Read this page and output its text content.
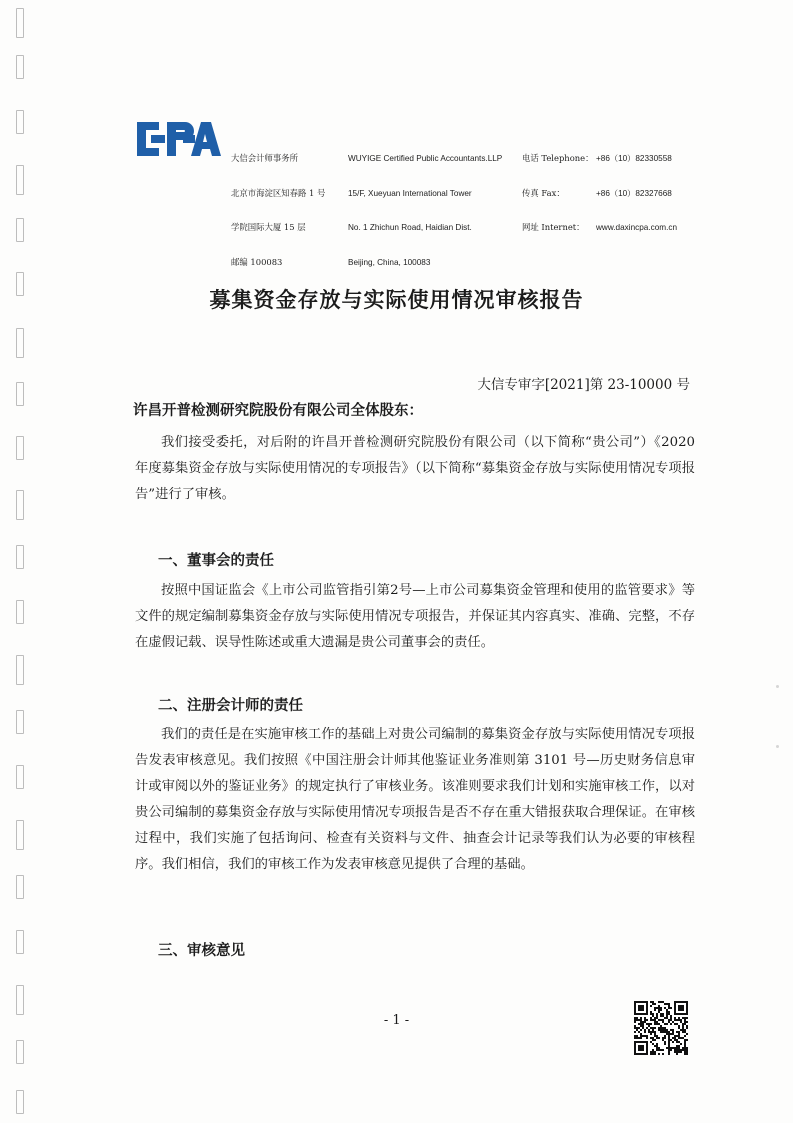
大信会计师事务所

北京市海淀区知春路 1 号

学院国际大厦 15 层

邮编 100083

WUYIGE Certified Public Accountants.LLP

15/F, Xueyuan International Tower

No. 1 Zhichun Road, Haidian Dist.

Beijing, China, 100083

电话 Telephone：

传真 Fax：

网址 Internet：

+86（10）82330558

+86（10）82327668

www.daxincpa.com.cn

募集资金存放与实际使用情况审核报告
大信专审字[2021]第 23-10000 号
许昌开普检测研究院股份有限公司全体股东：
我们接受委托，对后附的许昌开普检测研究院股份有限公司（以下简称“贵公司”）《2020 年度募集资金存放与实际使用情况的专项报告》（以下简称“募集资金存放与实际使用情况专项报告”进行了审核。
一、董事会的责任
按照中国证监会《上市公司监管指引第2号—上市公司募集资金管理和使用的监管要求》等文件的规定编制募集资金存放与实际使用情况专项报告，并保证其内容真实、准确、完整，不存在虚假记载、误导性陈述或重大遗漏是贵公司董事会的责任。
二、注册会计师的责任
我们的责任是在实施审核工作的基础上对贵公司编制的募集资金存放与实际使用情况专项报告发表审核意见。我们按照《中国注册会计师其他鉴证业务准则第 3101 号—历史财务信息审计或审阅以外的鉴证业务》的规定执行了审核业务。该准则要求我们计划和实施审核工作，以对贵公司编制的募集资金存放与实际使用情况专项报告是否不存在重大错报获取合理保证。在审核过程中，我们实施了包括询问、检查有关资料与文件、抽查会计记录等我们认为必要的审核程序。我们相信，我们的审核工作为发表审核意见提供了合理的基础。
三、审核意见
- 1 -
